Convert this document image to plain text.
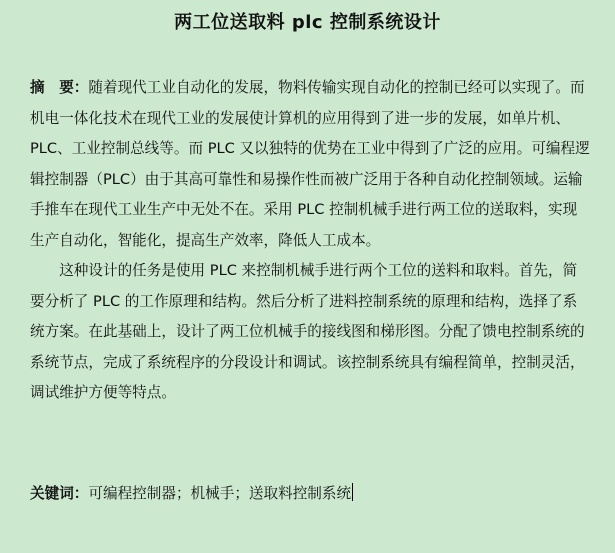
两工位送取料 plc 控制系统设计

摘　要：随着现代工业自动化的发展，物料传输实现自动化的控制已经可以实现了。而机电一体化技术在现代工业的发展使计算机的应用得到了进一步的发展，如单片机、PLC、工业控制总线等。而 PLC 又以独特的优势在工业中得到了广泛的应用。可编程逻辑控制器（PLC）由于其高可靠性和易操作性而被广泛用于各种自动化控制领域。运输手推车在现代工业生产中无处不在。采用 PLC 控制机械手进行两工位的送取料，实现生产自动化，智能化，提高生产效率，降低人工成本。

这种设计的任务是使用 PLC 来控制机械手进行两个工位的送料和取料。首先，简要分析了 PLC 的工作原理和结构。然后分析了进料控制系统的原理和结构，选择了系统方案。在此基础上，设计了两工位机械手的接线图和梯形图。分配了馈电控制系统的系统节点，完成了系统程序的分段设计和调试。该控制系统具有编程简单，控制灵活，调试维护方便等特点。

关键词：可编程控制器；机械手；送取料控制系统
